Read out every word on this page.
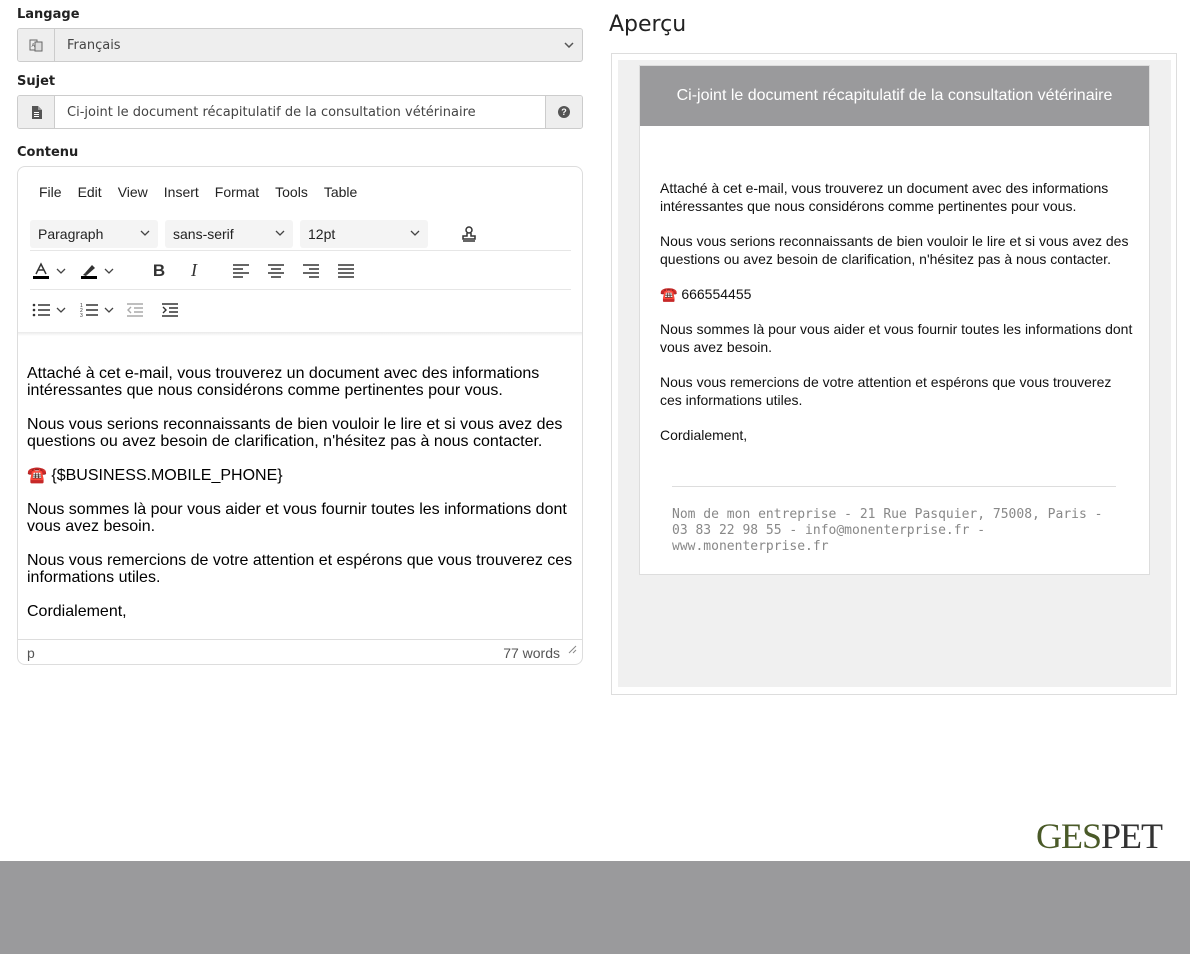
Langage
A	Français
Sujet
Ci-joint le document récapitulatif de la consultation vétérinaire	?
Contenu
File	Edit	View	Insert	Format	Tools	Table
Paragraph	sans-serif	12pt
B	I
1
2
3

Attaché à cet e-mail, vous trouverez un document avec des informations intéressantes que nous considérons comme pertinentes pour vous.

Nous vous serions reconnaissants de bien vouloir le lire et si vous avez des questions ou avez besoin de clarification, n'hésitez pas à nous contacter.

☎️ {$BUSINESS.MOBILE_PHONE}

Nous sommes là pour vous aider et vous fournir toutes les informations dont vous avez besoin.

Nous vous remercions de votre attention et espérons que vous trouverez ces informations utiles.

Cordialement,

p	77 words
Aperçu
Ci-joint le document récapitulatif de la consultation vétérinaire

Attaché à cet e-mail, vous trouverez un document avec des informations intéressantes que nous considérons comme pertinentes pour vous.

Nous vous serions reconnaissants de bien vouloir le lire et si vous avez des questions ou avez besoin de clarification, n'hésitez pas à nous contacter.

☎️ 666554455

Nous sommes là pour vous aider et vous fournir toutes les informations dont vous avez besoin.

Nous vous remercions de votre attention et espérons que vous trouverez ces informations utiles.

Cordialement,

Nom de mon entreprise - 21 Rue Pasquier, 75008, Paris - 03 83 22 98 55 - info@monenterprise.fr - www.monenterprise.fr
GESPET
